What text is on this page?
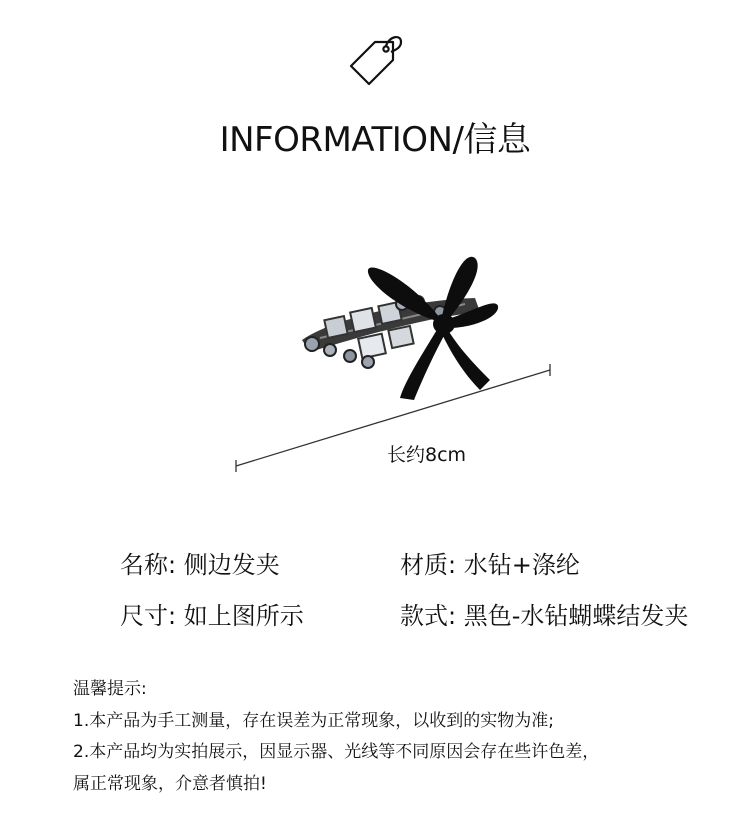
INFORMATION/信息
长约8cm
名称: 侧边发夹	材质: 水钻+涤纶
尺寸: 如上图所示	款式: 黑色-水钻蝴蝶结发夹
温馨提示:
1.本产品为手工测量，存在误差为正常现象，以收到的实物为准;
2.本产品均为实拍展示，因显示器、光线等不同原因会存在些许色差，
属正常现象，介意者慎拍!
